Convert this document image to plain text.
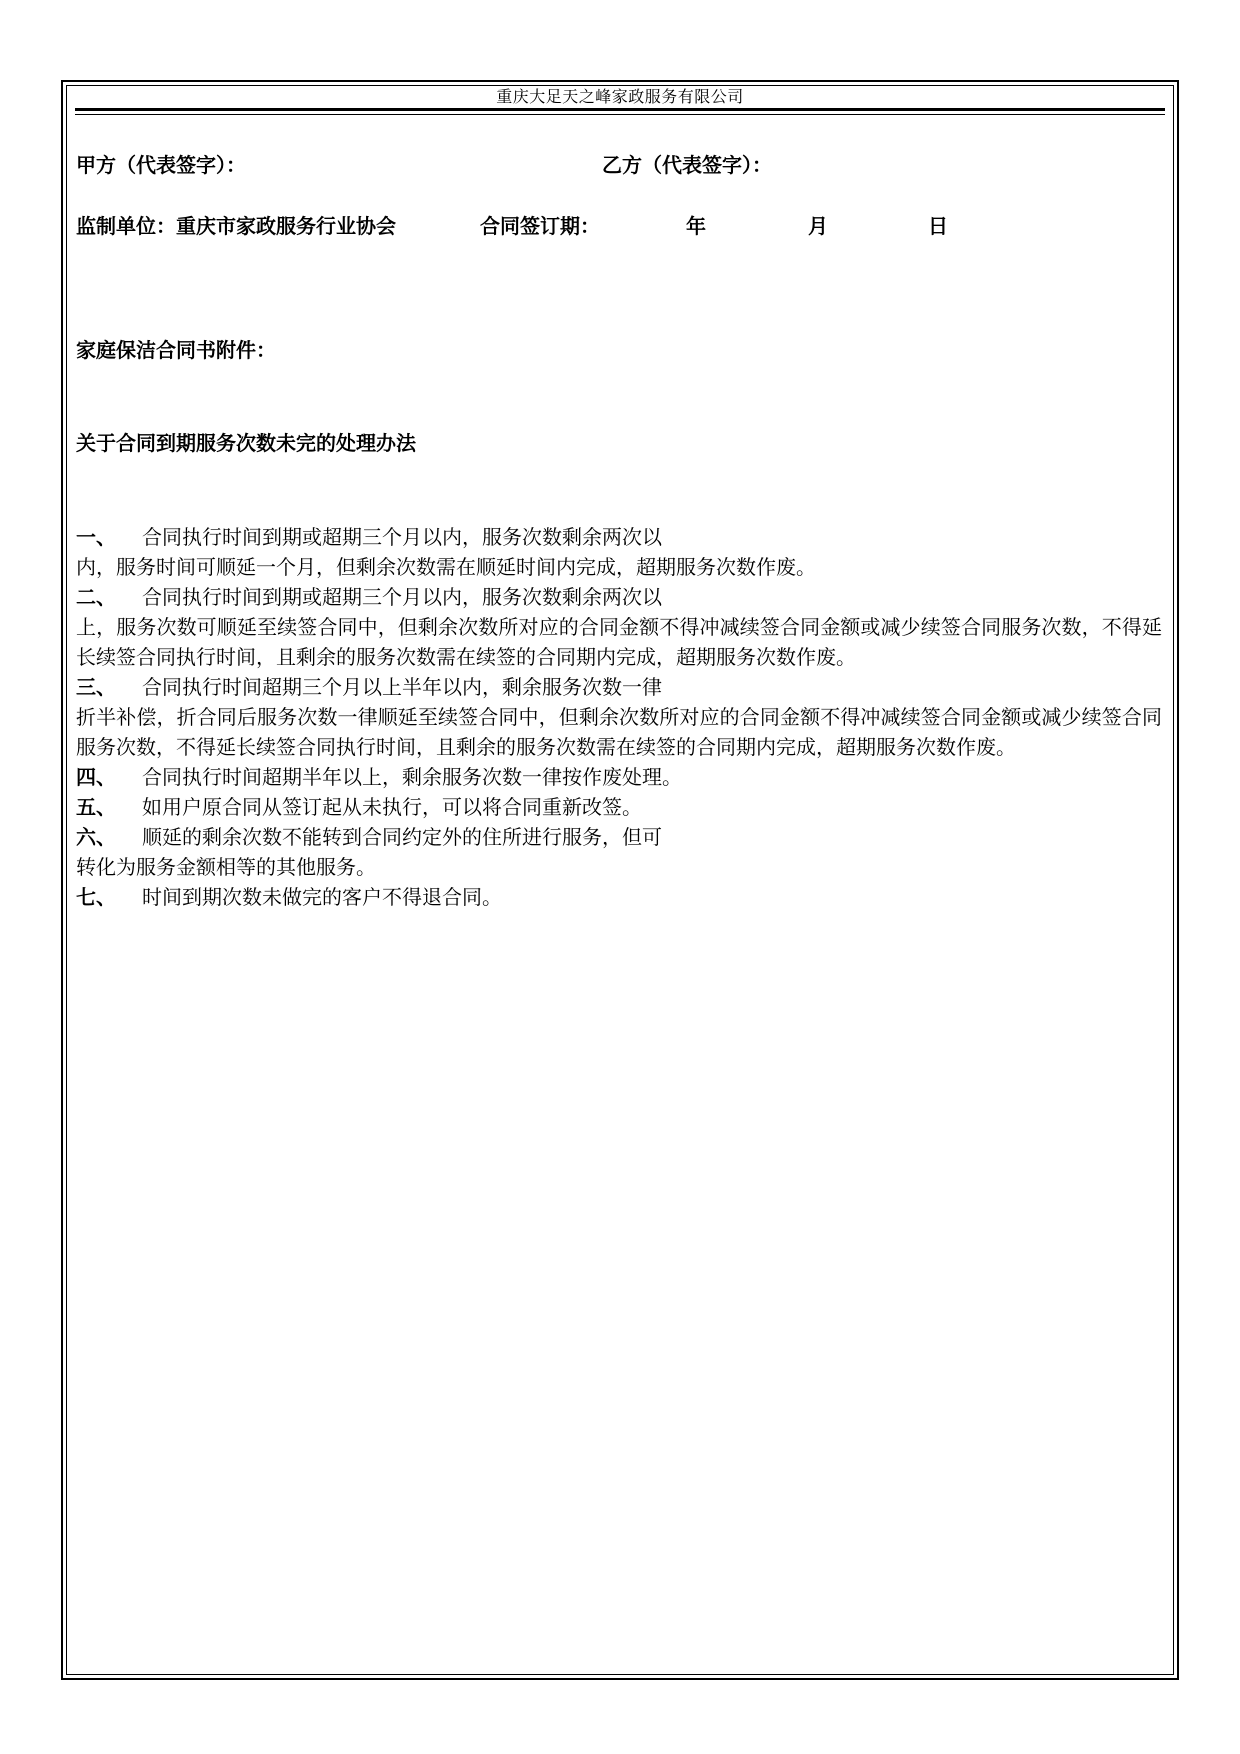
重庆大足天之峰家政服务有限公司
甲方（代表签字）：	乙方（代表签字）：
监制单位：重庆市家政服务行业协会	合同签订期：	年	月	日
家庭保洁合同书附件：
关于合同到期服务次数未完的处理办法
一、 合同执行时间到期或超期三个月以内，服务次数剩余两次以
内，服务时间可顺延一个月，但剩余次数需在顺延时间内完成，超期服务次数作废。
二、 合同执行时间到期或超期三个月以内，服务次数剩余两次以
上，服务次数可顺延至续签合同中，但剩余次数所对应的合同金额不得冲减续签合同金额或减少续签合同服务次数，不得延长续签合同执行时间，且剩余的服务次数需在续签的合同期内完成，超期服务次数作废。
三、 合同执行时间超期三个月以上半年以内，剩余服务次数一律
折半补偿，折合同后服务次数一律顺延至续签合同中，但剩余次数所对应的合同金额不得冲减续签合同金额或减少续签合同服务次数，不得延长续签合同执行时间，且剩余的服务次数需在续签的合同期内完成，超期服务次数作废。
四、 合同执行时间超期半年以上，剩余服务次数一律按作废处理。
五、 如用户原合同从签订起从未执行，可以将合同重新改签。
六、 顺延的剩余次数不能转到合同约定外的住所进行服务，但可
转化为服务金额相等的其他服务。
七、 时间到期次数未做完的客户不得退合同。
